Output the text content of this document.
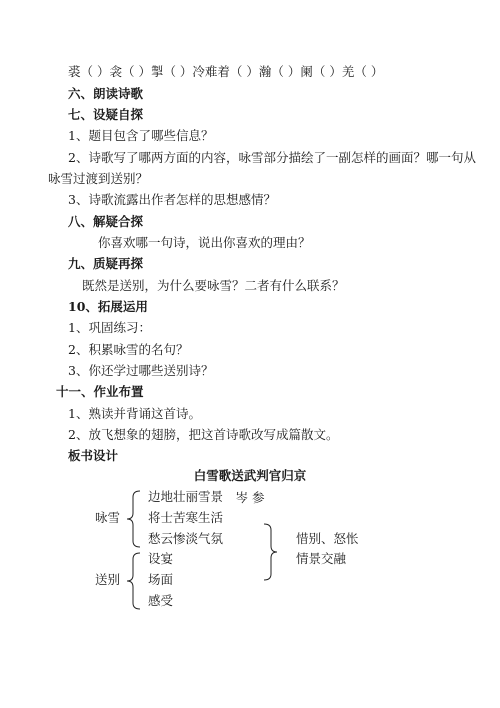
裘（ ）衾（ ）掣（ ）冷难着（ ）瀚（ ）阑（ ）羌（ ）
六、朗读诗歌
七、设疑自探
1、题目包含了哪些信息？
2、诗歌写了哪两方面的内容，咏雪部分描绘了一副怎样的画面？哪一句从
咏雪过渡到送别？
3、诗歌流露出作者怎样的思想感情？
八、解疑合探
你喜欢哪一句诗，说出你喜欢的理由？
九、质疑再探
既然是送别，为什么要咏雪？二者有什么联系？
10、拓展运用
1、巩固练习：
2、积累咏雪的名句？
3、你还学过哪些送别诗？
十一、作业布置
1、熟读并背诵这首诗。
2、放飞想象的翅膀，把这首诗歌改写成篇散文。
板书设计
白雪歌送武判官归京
岑 参
咏雪
边地壮丽雪景
将士苦寒生活
愁云惨淡气氛
送别
设宴
场面
感受
惜别、怒怅
情景交融
